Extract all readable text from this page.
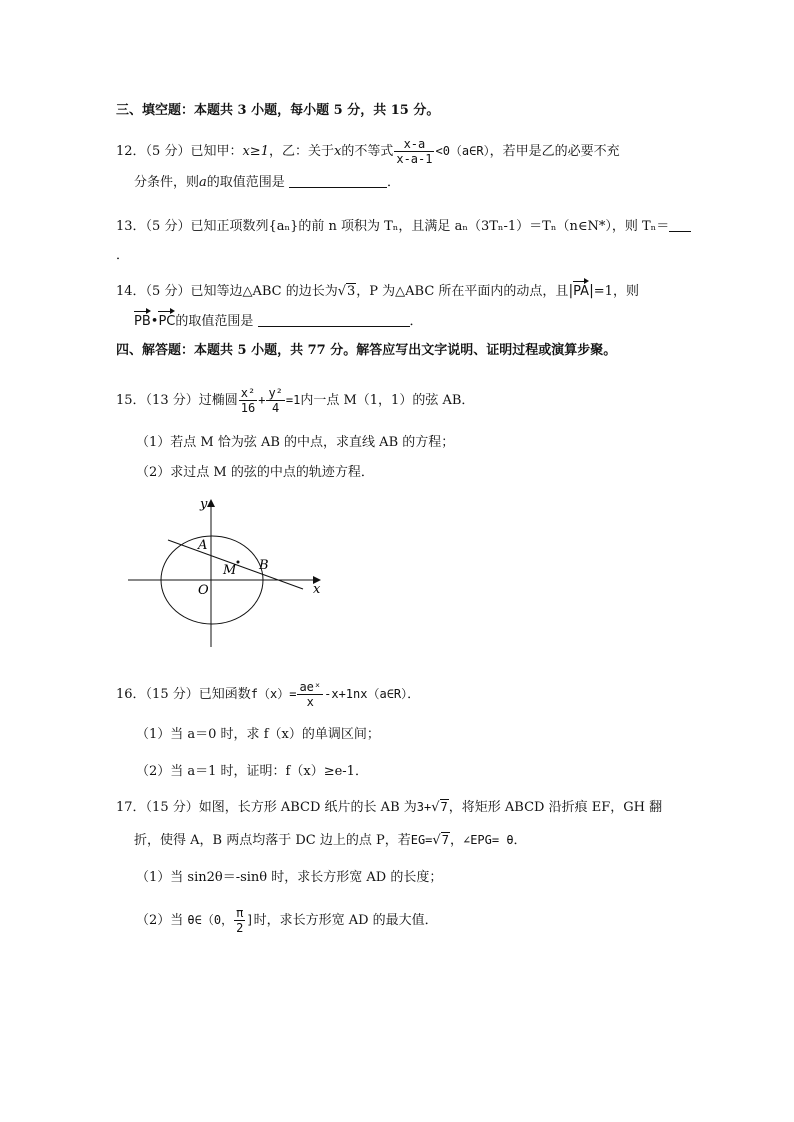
三、填空题：本题共 3 小题，每小题 5 分，共 15 分。
12．（5 分）已知甲：x≥1，乙：关于x的不等式 $\frac{x-a}{x-a-1}$ <0（a∈R），若甲是乙的必要不充
分条件，则a的取值范围是	．
13．（5 分）已知正项数列{aₙ}的前 n 项积为 Tₙ，且满足 aₙ（3Tₙ-1）＝Tₙ（n∈N*），则 Tₙ＝
．
14．（5 分）已知等边△ABC 的边长为√3，P 为△ABC 所在平面内的动点，且|PA|=1，则
PB•PC的取值范围是	．
四、解答题：本题共 5 小题，共 77 分。解答应写出文字说明、证明过程或演算步聚。
15．（13 分）过椭圆 $\frac{\text{x²}}{16} + \frac{\text{y²}}{4} =1$内一点 M（1，1）的弦 AB．
（1）若点 M 恰为弦 AB 的中点，求直线 AB 的方程；
（2）求过点 M 的弦的中点的轨迹方程．
y
x
A
B
M
O
16．（15 分）已知函数$f(x)= \frac{\text{aeˣ}}{x}$ -x+1nx（a∈R）．
（1）当 a＝0 时，求 f（x）的单调区间；
（2）当 a＝1 时，证明：f（x）≥e-1．
17．（15 分）如图，长方形 ABCD 纸片的长 AB 为3+√7，将矩形 ABCD 沿折痕 EF，GH 翻
折，使得 A，B 两点均落于 DC 边上的点 P，若EG=√7，∠EPG= θ．
（1）当 sin2θ＝-sinθ 时，求长方形宽 AD 的长度；
（2）当 θ∈（0， $\frac{\pi}{2}$ ]时，求长方形宽 AD 的最大值．
